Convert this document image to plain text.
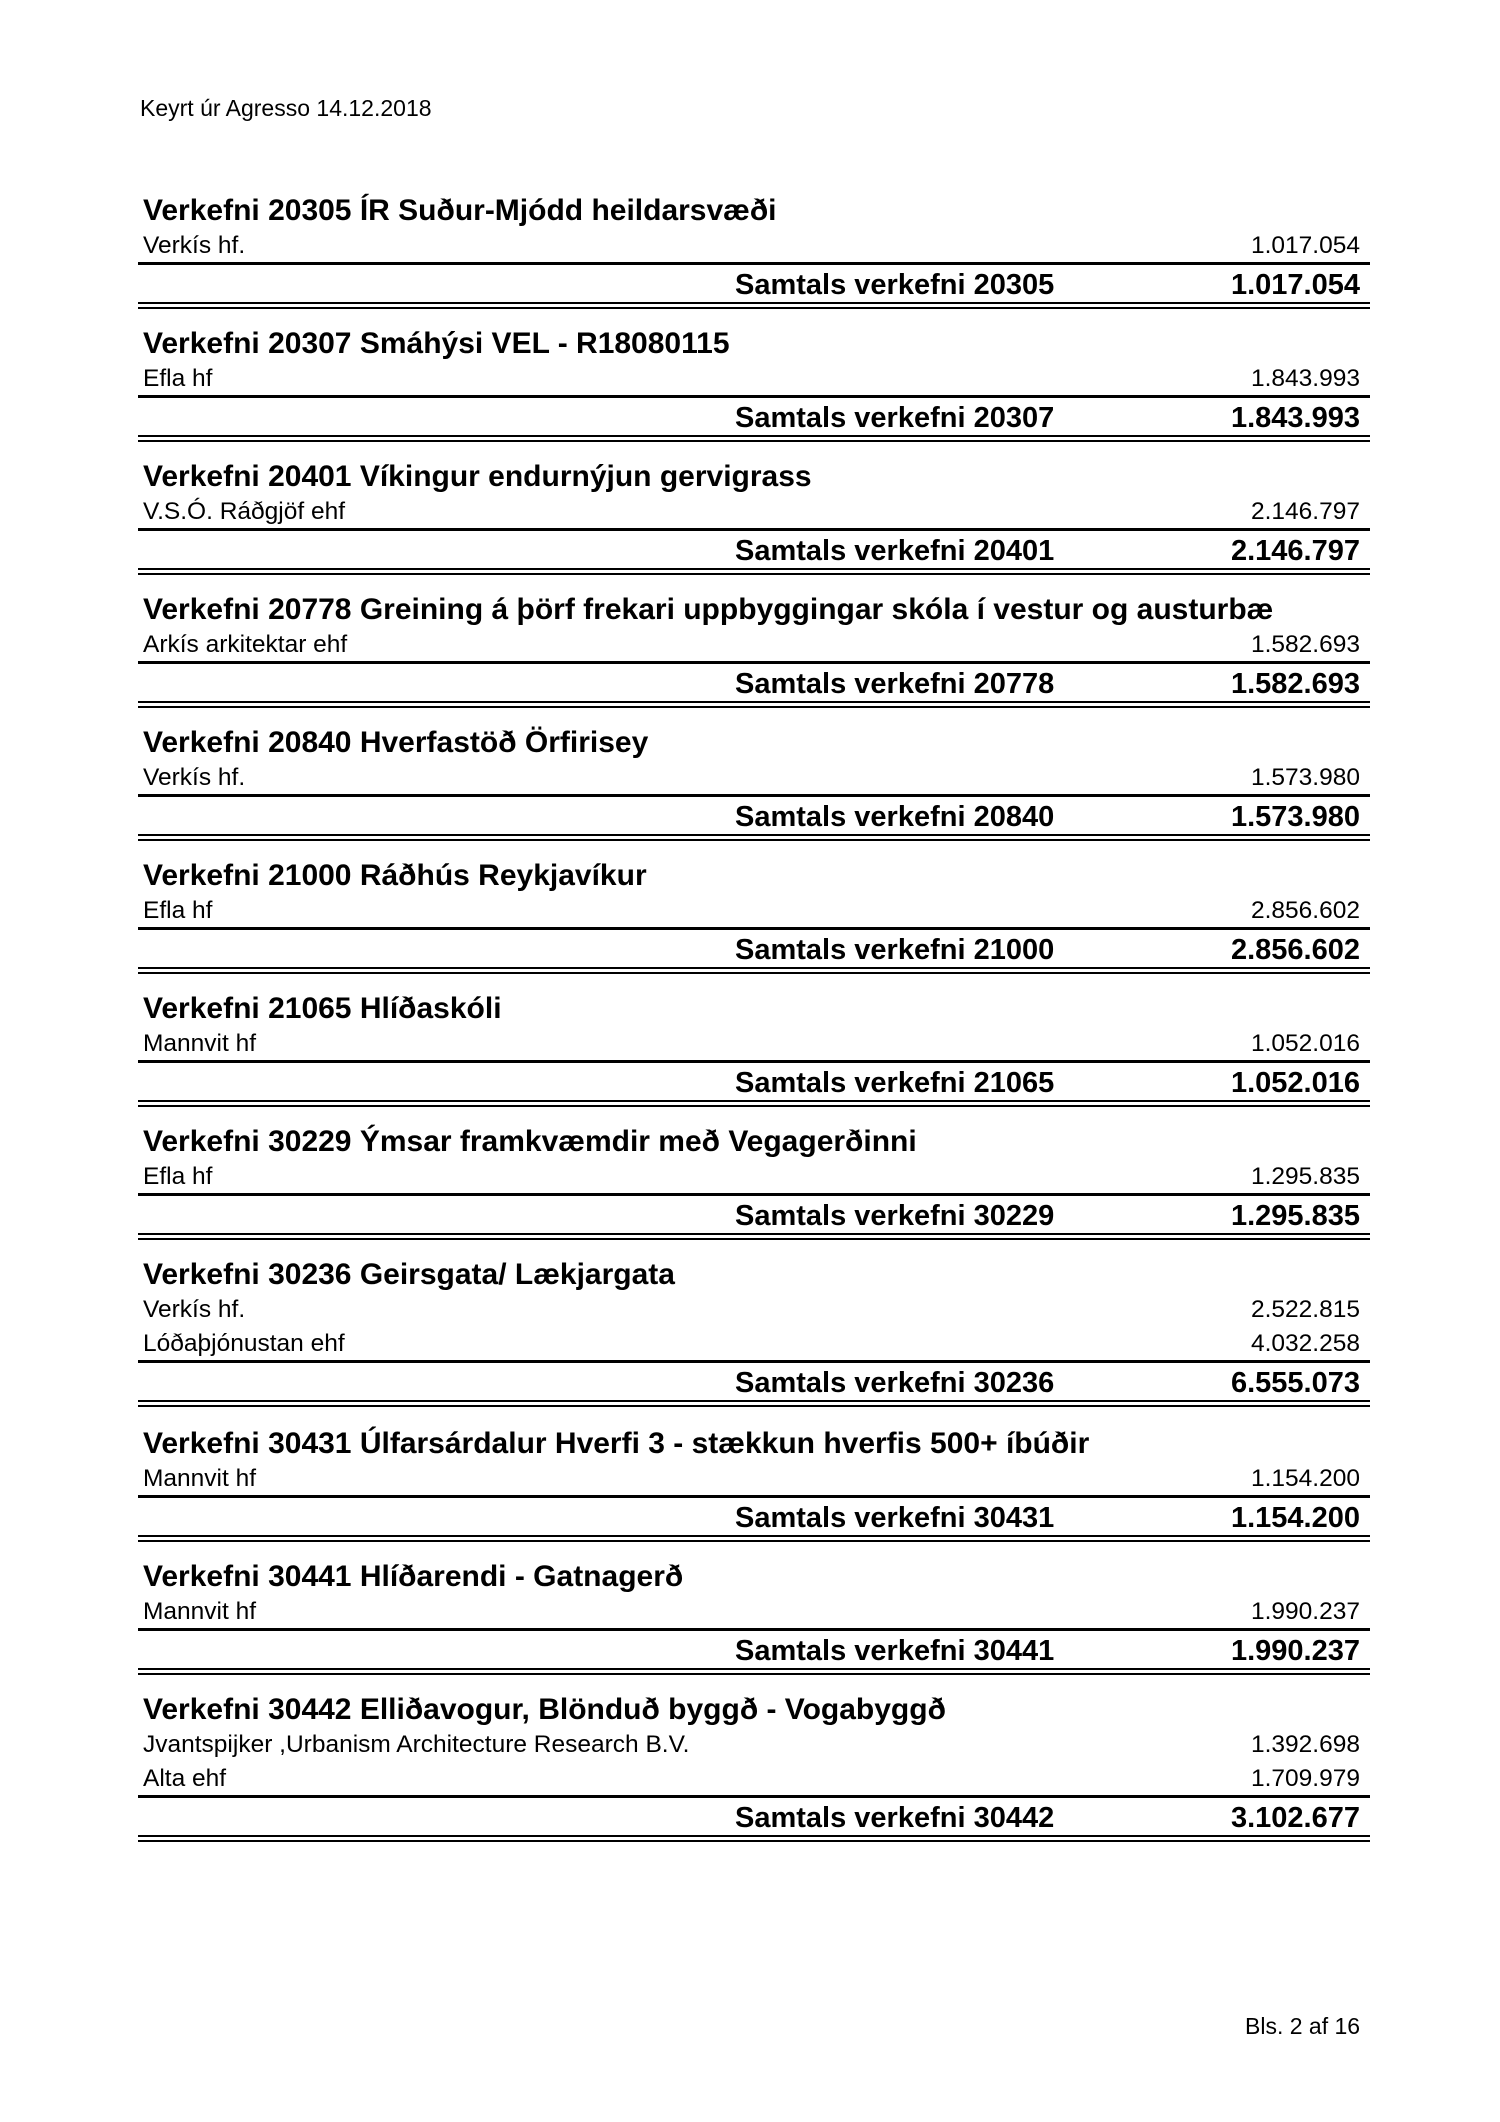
Keyrt úr Agresso 14.12.2018
Verkefni 20305 ÍR Suður-Mjódd heildarsvæði
Verkís hf.	1.017.054
Samtals verkefni 20305	1.017.054
Verkefni 20307 Smáhýsi VEL - R18080115
Efla hf	1.843.993
Samtals verkefni 20307	1.843.993
Verkefni 20401 Víkingur endurnýjun gervigrass
V.S.Ó. Ráðgjöf ehf	2.146.797
Samtals verkefni 20401	2.146.797
Verkefni 20778 Greining á þörf frekari uppbyggingar skóla í vestur og austurbæ
Arkís arkitektar ehf	1.582.693
Samtals verkefni 20778	1.582.693
Verkefni 20840 Hverfastöð Örfirisey
Verkís hf.	1.573.980
Samtals verkefni 20840	1.573.980
Verkefni 21000 Ráðhús Reykjavíkur
Efla hf	2.856.602
Samtals verkefni 21000	2.856.602
Verkefni 21065 Hlíðaskóli
Mannvit hf	1.052.016
Samtals verkefni 21065	1.052.016
Verkefni 30229 Ýmsar framkvæmdir með Vegagerðinni
Efla hf	1.295.835
Samtals verkefni 30229	1.295.835
Verkefni 30236 Geirsgata/ Lækjargata
Verkís hf.	2.522.815
Lóðaþjónustan ehf	4.032.258
Samtals verkefni 30236	6.555.073
Verkefni 30431 Úlfarsárdalur Hverfi 3 - stækkun hverfis 500+ íbúðir
Mannvit hf	1.154.200
Samtals verkefni 30431	1.154.200
Verkefni 30441 Hlíðarendi - Gatnagerð
Mannvit hf	1.990.237
Samtals verkefni 30441	1.990.237
Verkefni 30442 Elliðavogur, Blönduð byggð - Vogabyggð
Jvantspijker ,Urbanism Architecture Research B.V.	1.392.698
Alta ehf	1.709.979
Samtals verkefni 30442	3.102.677
Bls. 2 af 16
